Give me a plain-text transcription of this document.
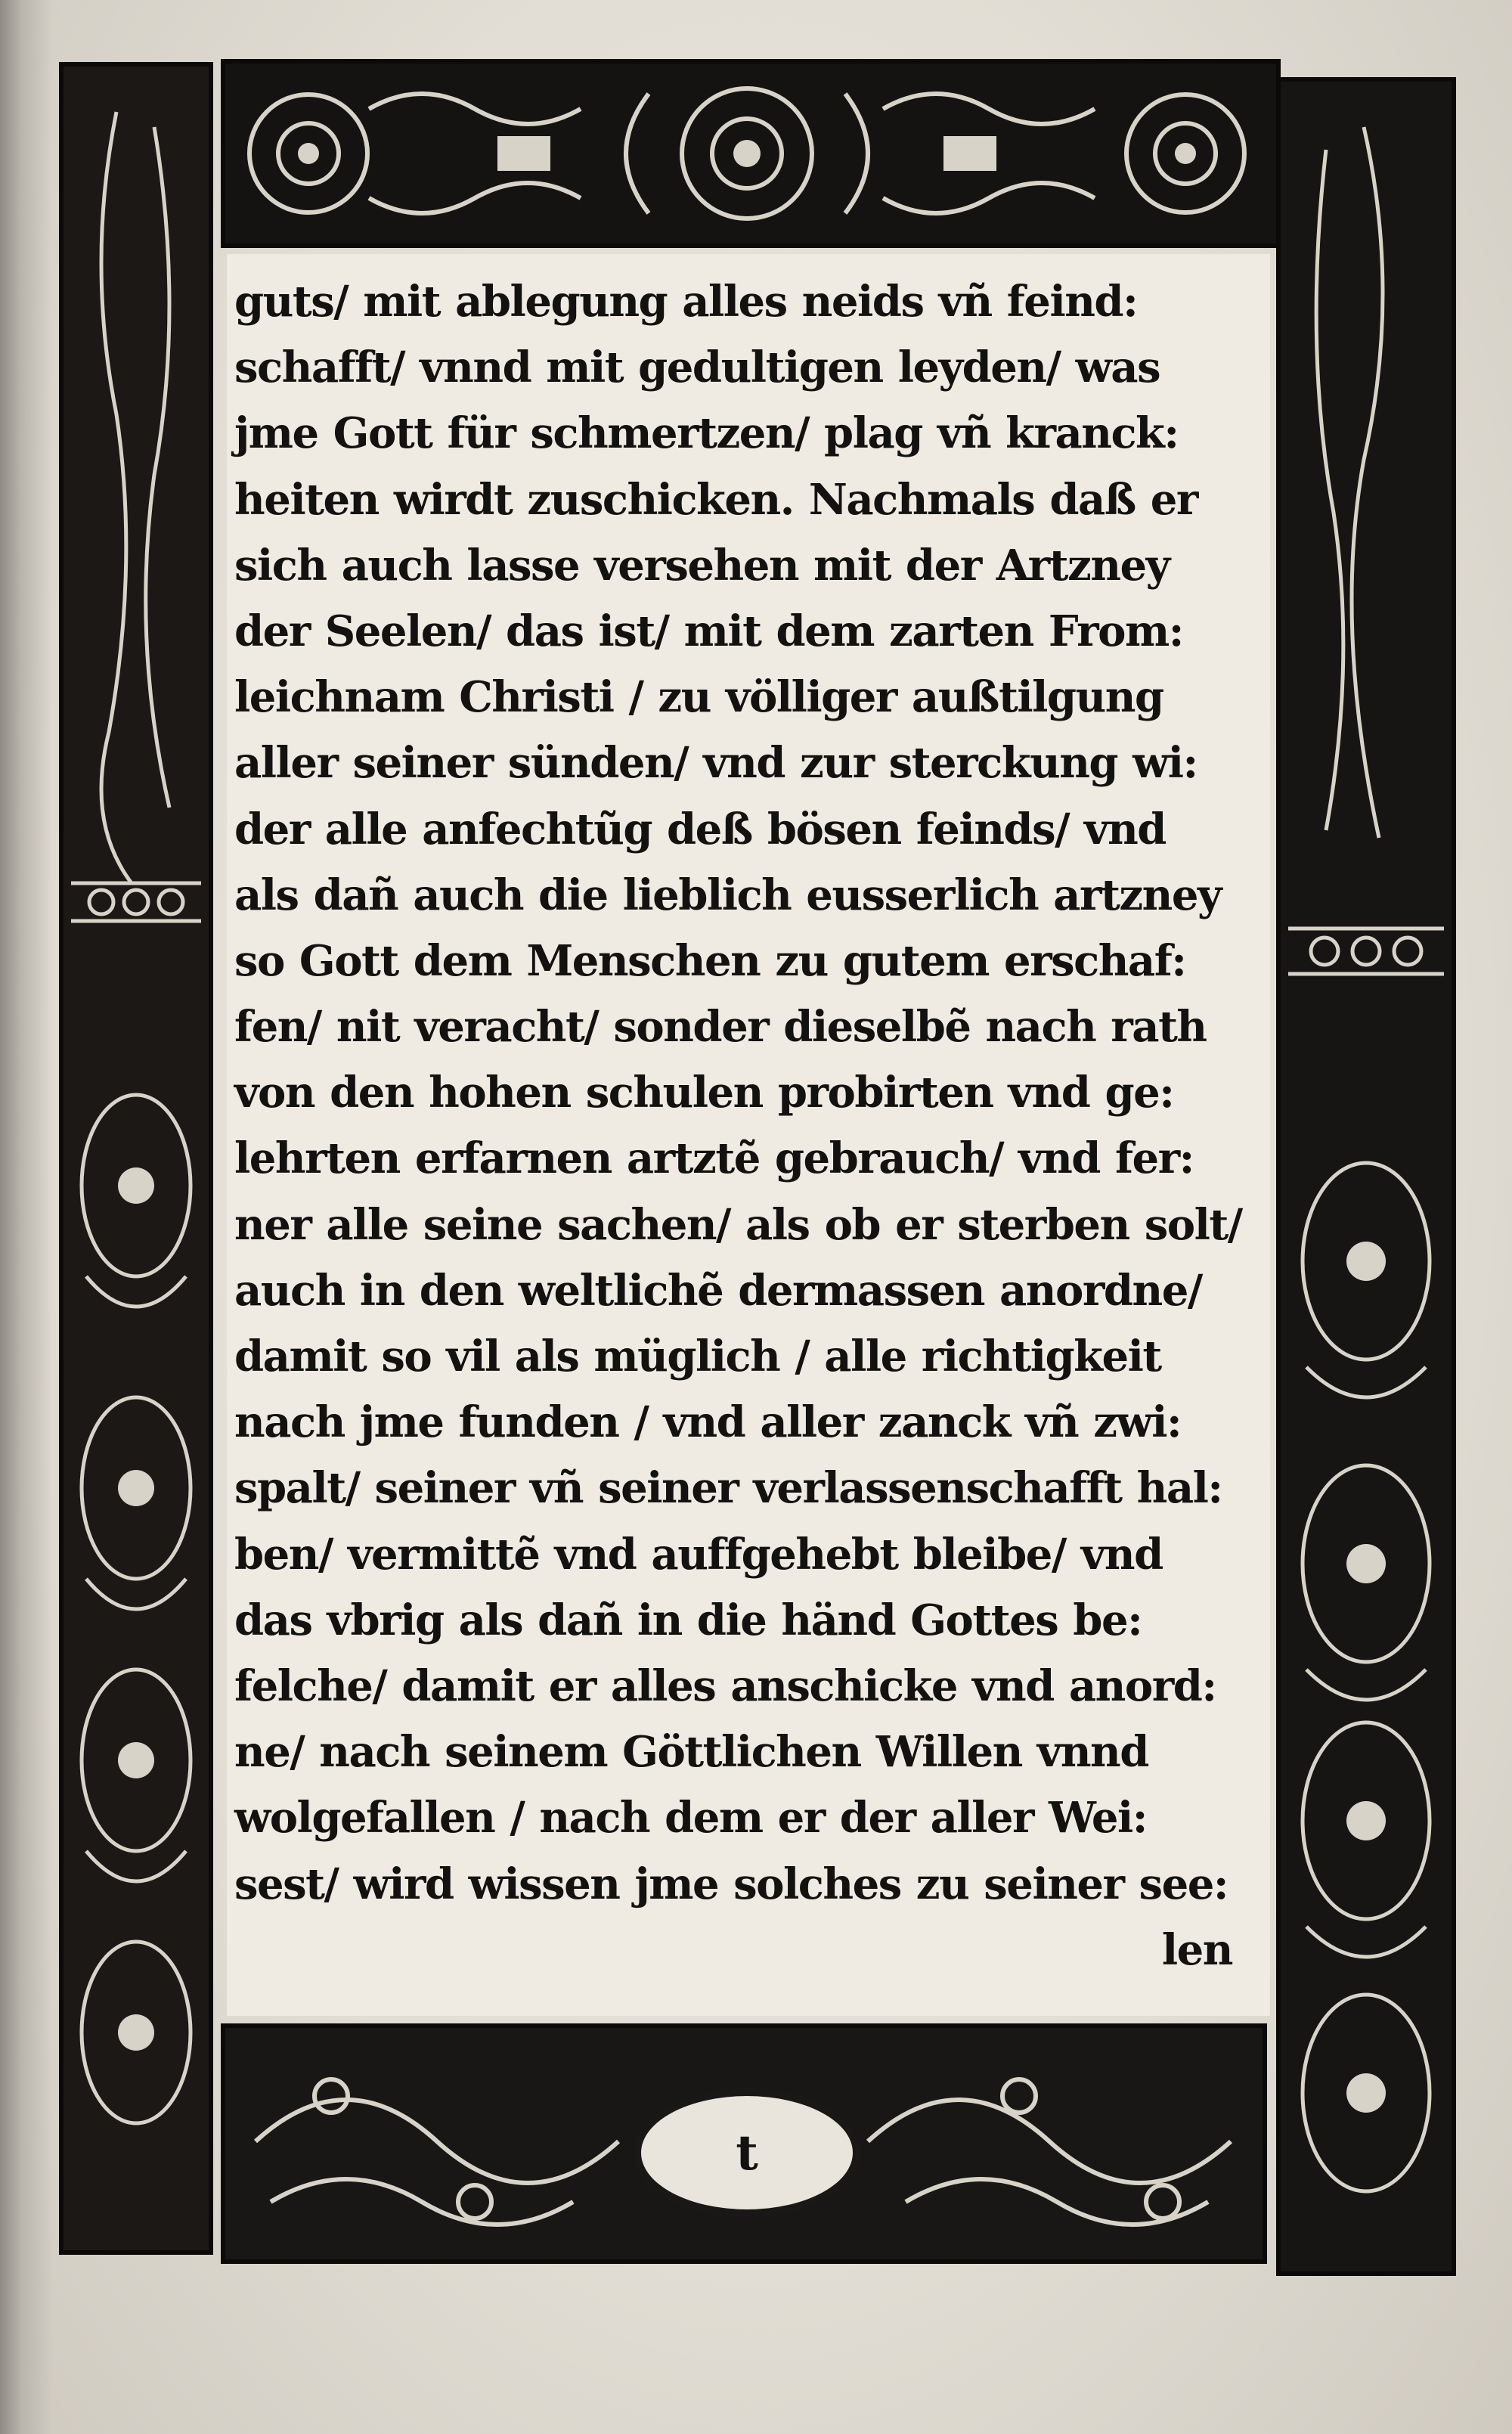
t
guts/ mit ablegung alles neids vñ feind:
schafft/ vnnd mit gedultigen leyden/ was
jme Gott für schmertzen/ plag vñ kranck:
heiten wirdt zuschicken. Nachmals daß er
sich auch lasse versehen mit der Artzney
der Seelen/ das ist/ mit dem zarten From:
leichnam Christi / zu völliger außtilgung
aller seiner sünden/ vnd zur sterckung wi:
der alle anfechtũg deß bösen feinds/ vnd
als dañ auch die lieblich eusserlich artzney
so Gott dem Menschen zu gutem erschaf:
fen/ nit veracht/ sonder dieselbẽ nach rath
von den hohen schulen probirten vnd ge:
lehrten erfarnen artztẽ gebrauch/ vnd fer:
ner alle seine sachen/ als ob er sterben solt/
auch in den weltlichẽ dermassen anordne/
damit so vil als müglich / alle richtigkeit
nach jme funden / vnd aller zanck vñ zwi:
spalt/ seiner vñ seiner verlassenschafft hal:
ben/ vermittẽ vnd auffgehebt bleibe/ vnd
das vbrig als dañ in die händ Gottes be:
felche/ damit er alles anschicke vnd anord:
ne/ nach seinem Göttlichen Willen vnnd
wolgefallen / nach dem er der aller Wei:
sest/ wird wissen jme solches zu seiner see:
len
